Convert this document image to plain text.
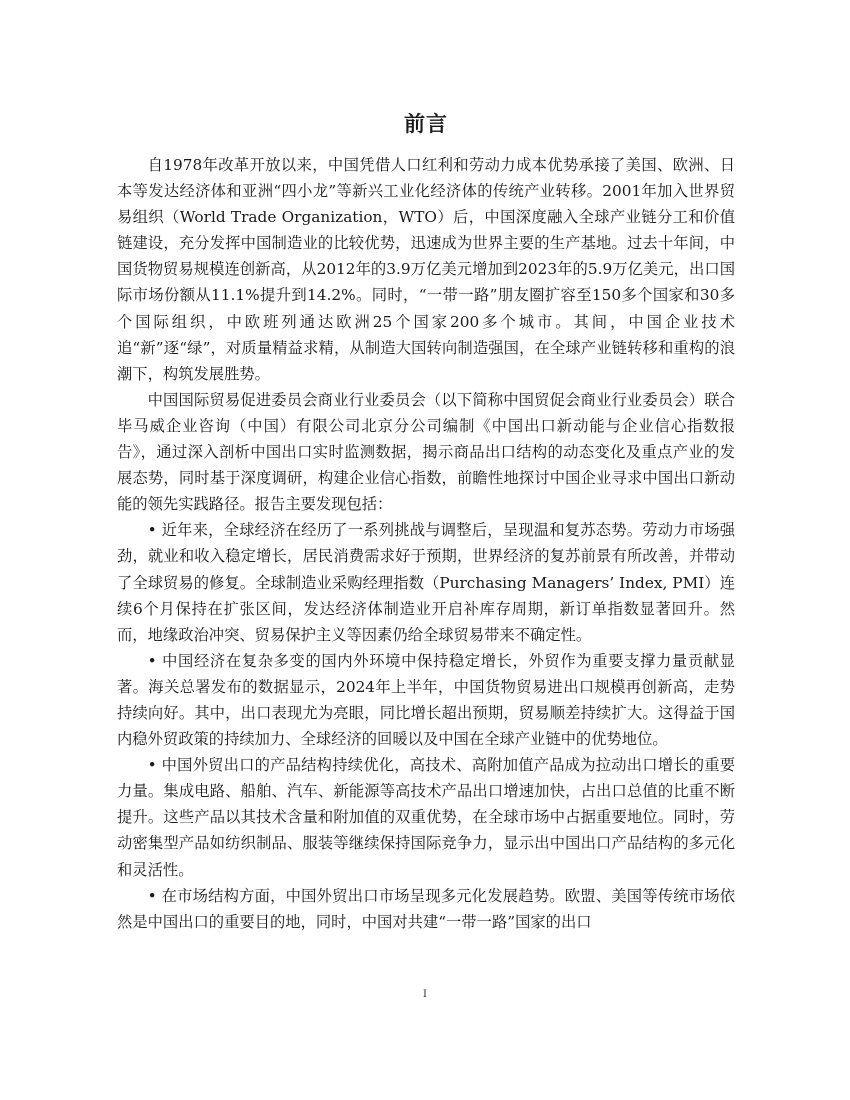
前言

自1978年改革开放以来，中国凭借人口红利和劳动力成本优势承接了美国、欧洲、日本等发达经济体和亚洲“四小龙”等新兴工业化经济体的传统产业转移。2001年加入世界贸易组织（World Trade Organization，WTO）后，中国深度融入全球产业链分工和价值链建设，充分发挥中国制造业的比较优势，迅速成为世界主要的生产基地。过去十年间，中国货物贸易规模连创新高，从2012年的3.9万亿美元增加到2023年的5.9万亿美元，出口国际市场份额从11.1%提升到14.2%。同时，“一带一路”朋友圈扩容至150多个国家和30多个国际组织，中欧班列通达欧洲25个国家200多个城市。其间，中国企业技术追“新”逐“绿”，对质量精益求精，从制造大国转向制造强国，在全球产业链转移和重构的浪潮下，构筑发展胜势。

中国国际贸易促进委员会商业行业委员会（以下简称中国贸促会商业行业委员会）联合毕马威企业咨询（中国）有限公司北京分公司编制《中国出口新动能与企业信心指数报告》，通过深入剖析中国出口实时监测数据，揭示商品出口结构的动态变化及重点产业的发展态势，同时基于深度调研，构建企业信心指数，前瞻性地探讨中国企业寻求中国出口新动能的领先实践路径。报告主要发现包括：

• 近年来，全球经济在经历了一系列挑战与调整后，呈现温和复苏态势。劳动力市场强劲，就业和收入稳定增长，居民消费需求好于预期，世界经济的复苏前景有所改善，并带动了全球贸易的修复。全球制造业采购经理指数（Purchasing Managers’ Index, PMI）连续6个月保持在扩张区间，发达经济体制造业开启补库存周期，新订单指数显著回升。然而，地缘政治冲突、贸易保护主义等因素仍给全球贸易带来不确定性。

• 中国经济在复杂多变的国内外环境中保持稳定增长，外贸作为重要支撑力量贡献显著。海关总署发布的数据显示，2024年上半年，中国货物贸易进出口规模再创新高，走势持续向好。其中，出口表现尤为亮眼，同比增长超出预期，贸易顺差持续扩大。这得益于国内稳外贸政策的持续加力、全球经济的回暖以及中国在全球产业链中的优势地位。

• 中国外贸出口的产品结构持续优化，高技术、高附加值产品成为拉动出口增长的重要力量。集成电路、船舶、汽车、新能源等高技术产品出口增速加快，占出口总值的比重不断提升。这些产品以其技术含量和附加值的双重优势，在全球市场中占据重要地位。同时，劳动密集型产品如纺织制品、服装等继续保持国际竞争力，显示出中国出口产品结构的多元化和灵活性。

• 在市场结构方面，中国外贸出口市场呈现多元化发展趋势。欧盟、美国等传统市场依然是中国出口的重要目的地，同时，中国对共建“一带一路”国家的出口

I
